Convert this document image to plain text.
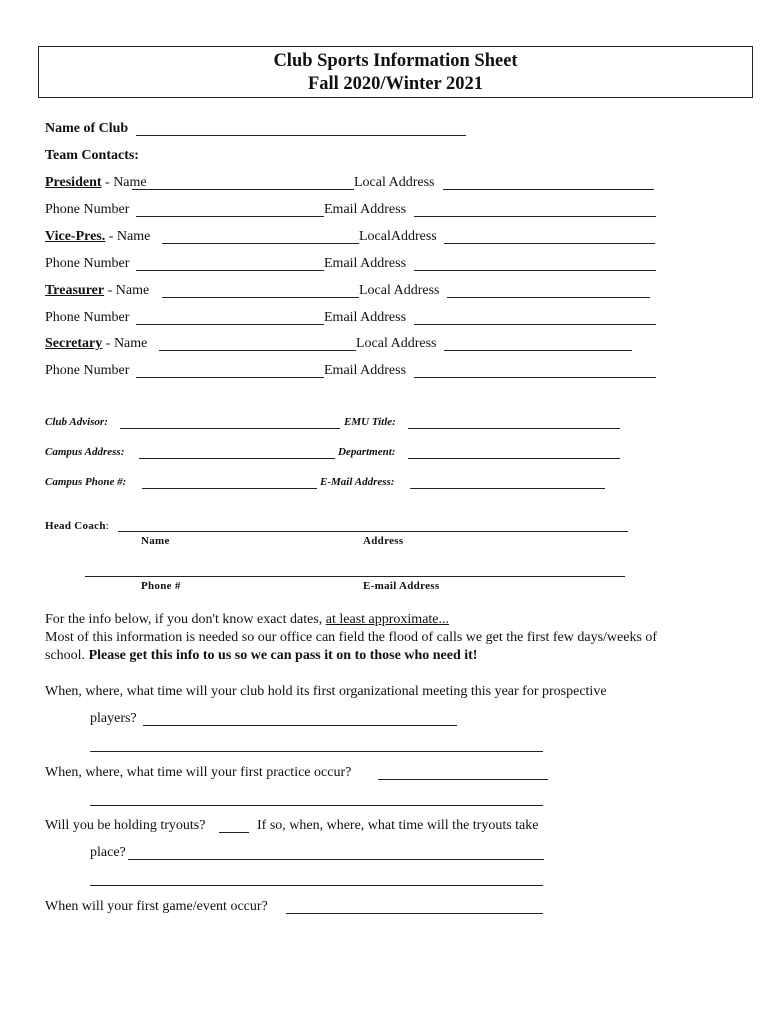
Club Sports Information Sheet
Fall 2020/Winter 2021
Name of Club
Team Contacts:
President - Name	Local Address
Phone Number	Email Address
Vice-Pres. - Name	LocalAddress
Phone Number	Email Address
Treasurer - Name	Local Address
Phone Number	Email Address
Secretary - Name	Local Address
Phone Number	Email Address
Club Advisor:	EMU Title:
Campus Address:	Department:
Campus Phone #:	E-Mail Address:
Head Coach:
Name	Address
Phone #	E-mail Address
For the info below, if you don't know exact dates, at least approximate...
Most of this information is needed so our office can field the flood of calls we get the first few days/weeks of
school. Please get this info to us so we can pass it on to those who need it!
When, where, what time will your club hold its first organizational meeting this year for prospective
players?
When, where, what time will your first practice occur?
Will you be holding tryouts?	If so, when, where, what time will the tryouts take
place?
When will your first game/event occur?
